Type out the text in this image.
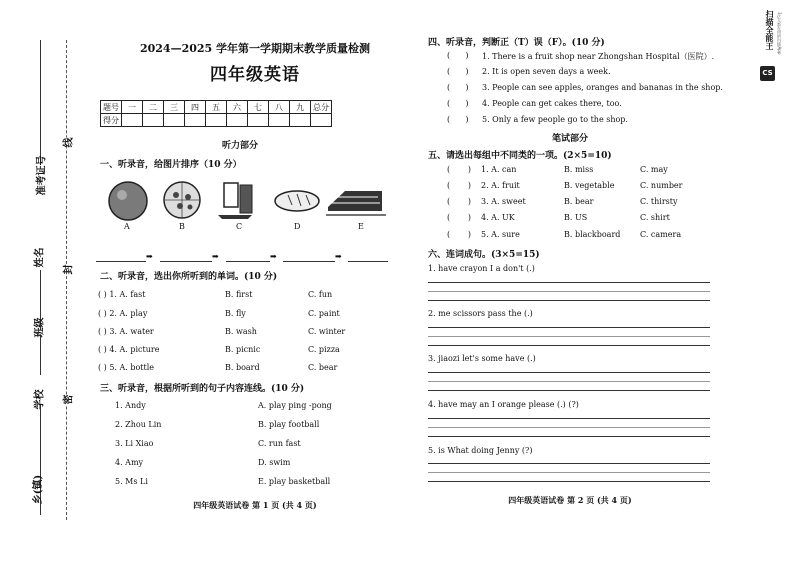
准考证号
姓名
班级
学校
乡(镇)
线
封
密
2024—2025 学年第一学期期末教学质量检测
四年级英语
题号	一	二	三	四	五	六	七	八	九	总分
得分										
听力部分
一、听录音，给图片排序（10 分）
A	B	C	D	E
➡	➡	➡	➡
二、听录音，选出你所听到的单词。(10 分)
( ) 1. A. fast	B. first	C. fun
( ) 2. A. play	B. fly	C. paint
( ) 3. A. water	B. wash	C. winter
( ) 4. A. picture	B. picnic	C. pizza
( ) 5. A. bottle	B. board	C. bear
三、听录音，根据所听到的句子内容连线。(10 分)
1. Andy
2. Zhou Lin
3. Li Xiao
4. Amy
5. Ms Li
A. play ping -pong
B. play football
C. run fast
D. swim
E. play basketball
四年级英语试卷 第 1 页 (共 4 页)
四、听录音，判断正（T）误（F）。(10 分)
(      ) 1. There is a fruit shop near Zhongshan Hospital（医院）.
(      ) 2. It is open seven days a week.
(      ) 3. People can see apples, oranges and bananas in the shop.
(      ) 4. People can get cakes there, too.
(      ) 5. Only a few people go to the shop.
笔试部分
五、请选出每组中不同类的一项。(2×5=10)
(       ) 1. A. can	B. miss	C. may
(       ) 2. A. fruit	B. vegetable	C. number
(       ) 3. A. sweet	B. bear	C. thirsty
(       ) 4. A. UK	B. US	C. shirt
(       ) 5. A. sure	B. blackboard C. camera
六、连词成句。(3×5=15)
1. have crayon I a don't (.)
2. me scissors pass the (.)
3. jiaozi let's some have (.)
4. have may an I orange please (.) (?)
5. is What doing Jenny (?)
四年级英语试卷 第 2 页 (共 4 页)
CS
扫描全能王 3亿人都在用的扫描App
